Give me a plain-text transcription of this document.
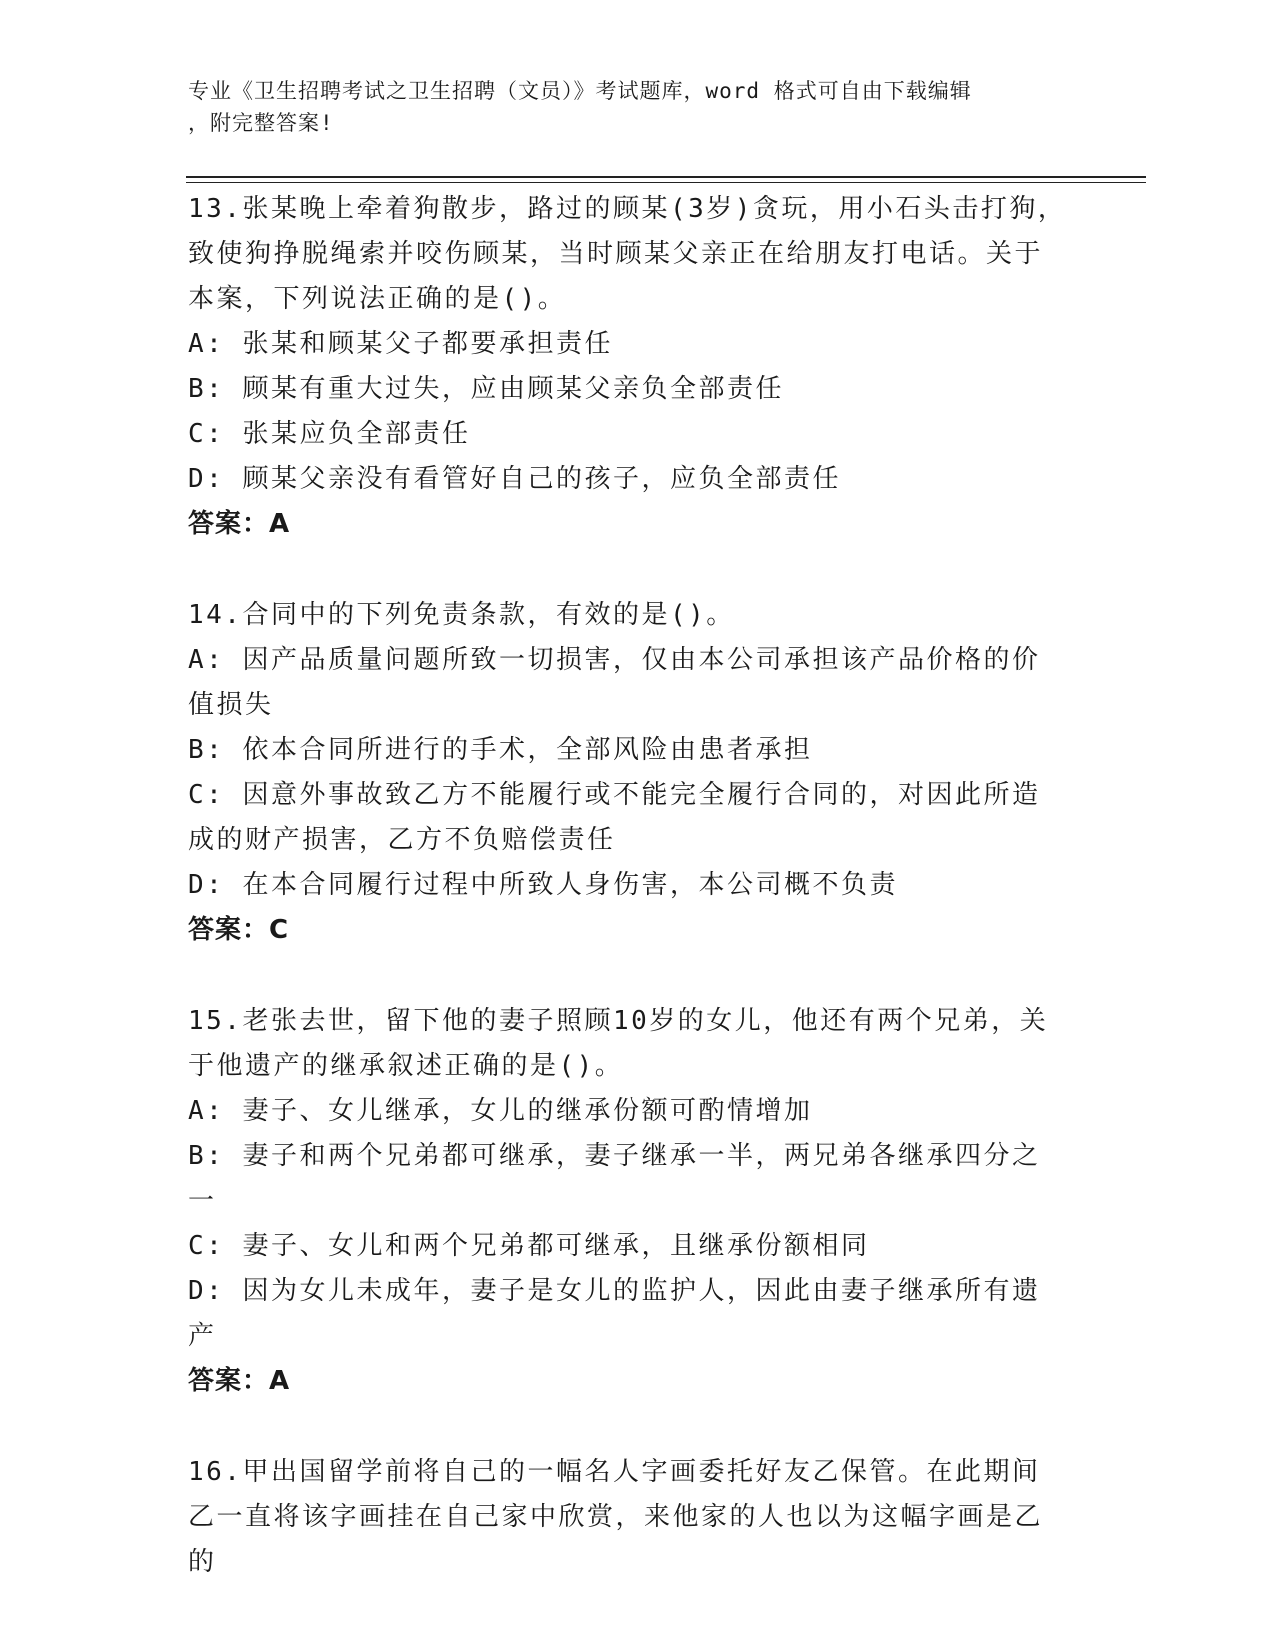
专业《卫生招聘考试之卫生招聘（文员）》考试题库，word 格式可自由下载编辑
，附完整答案!

13.张某晚上牵着狗散步，路过的顾某(3岁)贪玩，用小石头击打狗，致使狗挣脱绳索并咬伤顾某，当时顾某父亲正在给朋友打电话。关于本案，下列说法正确的是()。

A: 张某和顾某父子都要承担责任

B: 顾某有重大过失，应由顾某父亲负全部责任

C: 张某应负全部责任

D: 顾某父亲没有看管好自己的孩子，应负全部责任

答案：A

14.合同中的下列免责条款，有效的是()。

A: 因产品质量问题所致一切损害，仅由本公司承担该产品价格的价值损失

B: 依本合同所进行的手术，全部风险由患者承担

C: 因意外事故致乙方不能履行或不能完全履行合同的，对因此所造成的财产损害，乙方不负赔偿责任

D: 在本合同履行过程中所致人身伤害，本公司概不负责

答案：C

15.老张去世，留下他的妻子照顾10岁的女儿，他还有两个兄弟，关于他遗产的继承叙述正确的是()。

A: 妻子、女儿继承，女儿的继承份额可酌情增加

B: 妻子和两个兄弟都可继承，妻子继承一半，两兄弟各继承四分之一

C: 妻子、女儿和两个兄弟都可继承，且继承份额相同

D: 因为女儿未成年，妻子是女儿的监护人，因此由妻子继承所有遗产

答案：A

16.甲出国留学前将自己的一幅名人字画委托好友乙保管。在此期间乙一直将该字画挂在自己家中欣赏，来他家的人也以为这幅字画是乙的
